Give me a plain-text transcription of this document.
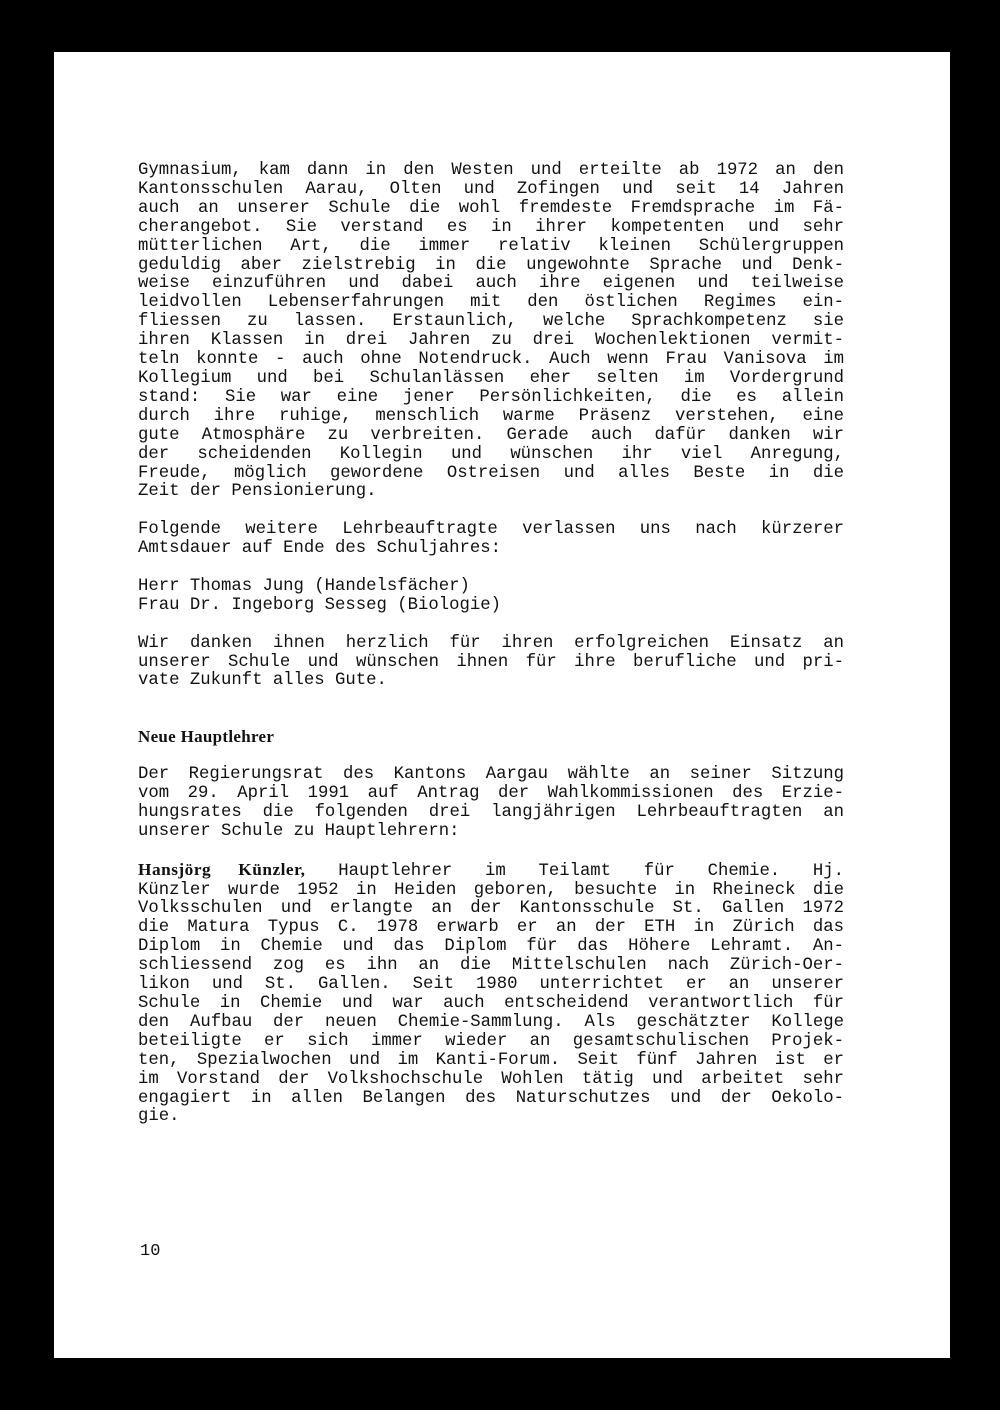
Gymnasium, kam dann in den Westen und erteilte ab 1972 an den
Kantonsschulen Aarau, Olten und Zofingen und seit 14 Jahren
auch an unserer Schule die wohl fremdeste Fremdsprache im Fä-
cherangebot. Sie verstand es in ihrer kompetenten und sehr
mütterlichen Art, die immer relativ kleinen Schülergruppen
geduldig aber zielstrebig in die ungewohnte Sprache und Denk-
weise einzuführen und dabei auch ihre eigenen und teilweise
leidvollen Lebenserfahrungen mit den östlichen Regimes ein-
fliessen zu lassen. Erstaunlich, welche Sprachkompetenz sie
ihren Klassen in drei Jahren zu drei Wochenlektionen vermit-
teln konnte - auch ohne Notendruck. Auch wenn Frau Vanisova im
Kollegium und bei Schulanlässen eher selten im Vordergrund
stand: Sie war eine jener Persönlichkeiten, die es allein
durch ihre ruhige, menschlich warme Präsenz verstehen, eine
gute Atmosphäre zu verbreiten. Gerade auch dafür danken wir
der scheidenden Kollegin und wünschen ihr viel Anregung,
Freude, möglich gewordene Ostreisen und alles Beste in die
Zeit der Pensionierung.
Folgende weitere Lehrbeauftragte verlassen uns nach kürzerer
Amtsdauer auf Ende des Schuljahres:
Herr Thomas Jung (Handelsfächer)
Frau Dr. Ingeborg Sesseg (Biologie)
Wir danken ihnen herzlich für ihren erfolgreichen Einsatz an
unserer Schule und wünschen ihnen für ihre berufliche und pri-
vate Zukunft alles Gute.
Neue Hauptlehrer
Der Regierungsrat des Kantons Aargau wählte an seiner Sitzung
vom 29. April 1991 auf Antrag der Wahlkommissionen des Erzie-
hungsrates die folgenden drei langjährigen Lehrbeauftragten an
unserer Schule zu Hauptlehrern:
Hansjörg Künzler, Hauptlehrer im Teilamt für Chemie. Hj.
Künzler wurde 1952 in Heiden geboren, besuchte in Rheineck die
Volksschulen und erlangte an der Kantonsschule St. Gallen 1972
die Matura Typus C. 1978 erwarb er an der ETH in Zürich das
Diplom in Chemie und das Diplom für das Höhere Lehramt. An-
schliessend zog es ihn an die Mittelschulen nach Zürich-Oer-
likon und St. Gallen. Seit 1980 unterrichtet er an unserer
Schule in Chemie und war auch entscheidend verantwortlich für
den Aufbau der neuen Chemie-Sammlung. Als geschätzter Kollege
beteiligte er sich immer wieder an gesamtschulischen Projek-
ten, Spezialwochen und im Kanti-Forum. Seit fünf Jahren ist er
im Vorstand der Volkshochschule Wohlen tätig und arbeitet sehr
engagiert in allen Belangen des Naturschutzes und der Oekolo-
gie.
10
